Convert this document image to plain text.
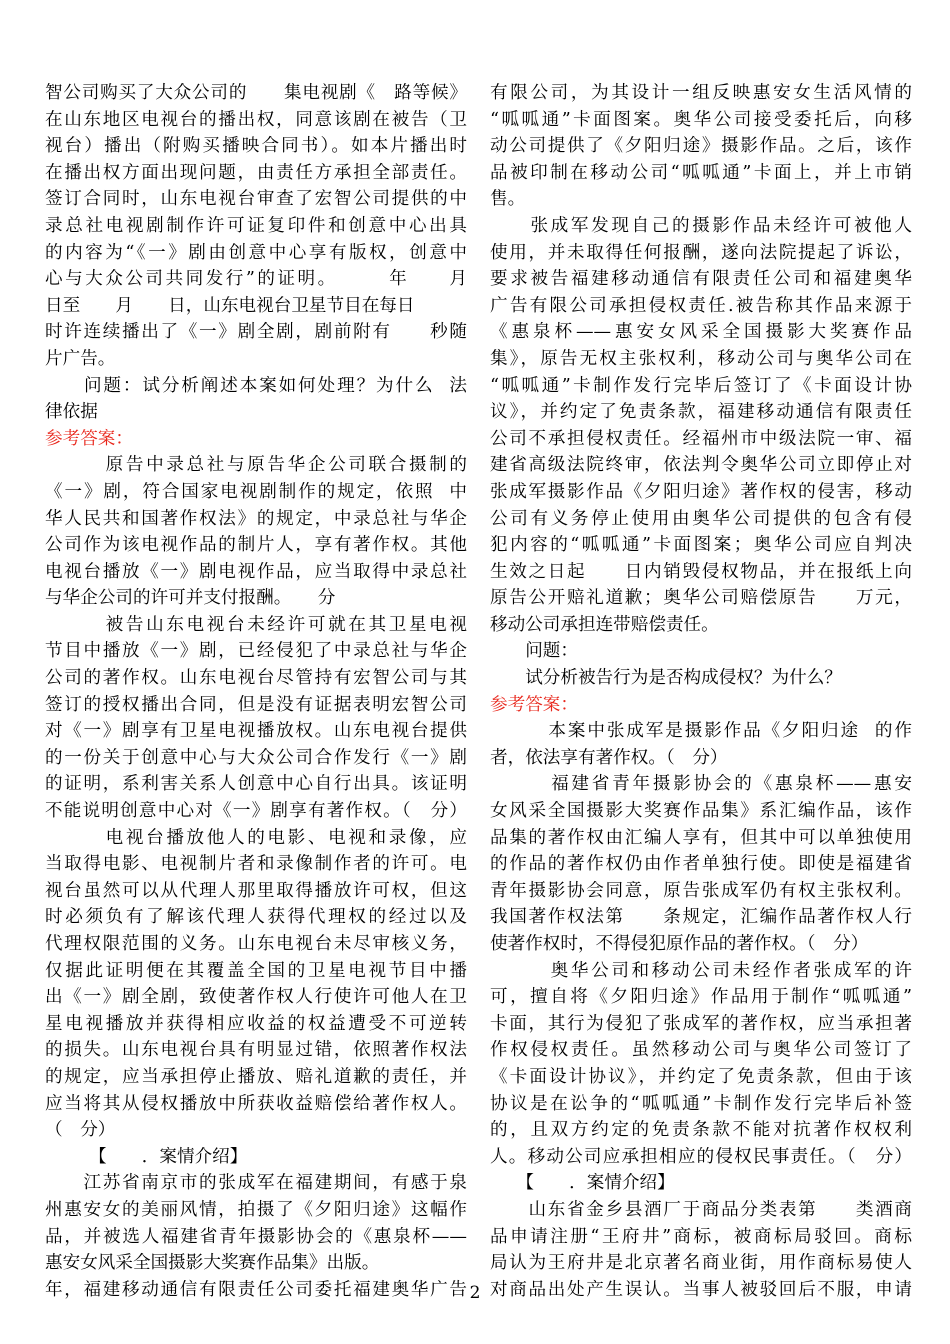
智公司购买了大众公司的　　集电视剧《　路等候》
在山东地区电视台的播出权，同意该剧在被告（卫
视台）播出（附购买播映合同书）。如本片播出时
在播出权方面出现问题，由责任方承担全部责任。
签订合同时，山东电视台审查了宏智公司提供的中
录总社电视剧制作许可证复印件和创意中心出具
的内容为“《一》剧由创意中心享有版权，创意中
心与大众公司共同发行”的证明。　　　年　　月
日至　　月　　日，山东电视台卫星节目在每日
时许连续播出了《一》剧全剧，剧前附有　　秒随
片广告。
　　问题：试分析阐述本案如何处理？为什么  法
律依据
参考答案：
　　　原告中录总社与原告华企公司联合摄制的
《一》剧，符合国家电视剧制作的规定，依照  中
华人民共和国著作权法》的规定，中录总社与华企
公司作为该电视作品的制片人，享有著作权。其他
电视台播放《一》剧电视作品，应当取得中录总社
与华企公司的许可并支付报酬。　　分
　　　被告山东电视台未经许可就在其卫星电视
节目中播放《一》剧，已经侵犯了中录总社与华企
公司的著作权。山东电视台尽管持有宏智公司与其
签订的授权播出合同，但是没有证据表明宏智公司
对《一》剧享有卫星电视播放权。山东电视台提供
的一份关于创意中心与大众公司合作发行《一》剧
的证明，系利害关系人创意中心自行出具。该证明
不能说明创意中心对《一》剧享有著作权。（　分）
　　　电视台播放他人的电影、电视和录像，应
当取得电影、电视制片者和录像制作者的许可。电
视台虽然可以从代理人那里取得播放许可权，但这
时必须负有了解该代理人获得代理权的经过以及
代理权限范围的义务。山东电视台未尽审核义务，
仅据此证明便在其覆盖全国的卫星电视节目中播
出《一》剧全剧，致使著作权人行使许可他人在卫
星电视播放并获得相应收益的权益遭受不可逆转
的损失。山东电视台具有明显过错，依照著作权法
的规定，应当承担停止播放、赔礼道歉的责任，并
应当将其从侵权播放中所获收益赔偿给著作权人。
（　分）
　　　【　　．案情介绍】
　　江苏省南京市的张成军在福建期间，有感于泉
州惠安女的美丽风情，拍摄了《夕阳归途》这幅作
品，并被选人福建省青年摄影协会的《惠泉杯——
惠安女风采全国摄影大奖赛作品集》出版。
年，福建移动通信有限责任公司委托福建奥华广告
有限公司，为其设计一组反映惠安女生活风情的
“呱呱通”卡面图案。奥华公司接受委托后，向移
动公司提供了《夕阳归途》摄影作品。之后，该作
品被印制在移动公司“呱呱通”卡面上，并上市销
售。
　　张成军发现自己的摄影作品未经许可被他人
使用，并未取得任何报酬，遂向法院提起了诉讼，
要求被告福建移动通信有限责任公司和福建奥华
广告有限公司承担侵权责任.被告称其作品来源于
《惠泉杯——惠安女风采全国摄影大奖赛作品
集》，原告无权主张权利，移动公司与奥华公司在
“呱呱通”卡制作发行完毕后签订了《卡面设计协
议》，并约定了免责条款，福建移动通信有限责任
公司不承担侵权责任。经福州市中级法院一审、福
建省高级法院终审，依法判令奥华公司立即停止对
张成军摄影作品《夕阳归途》著作权的侵害，移动
公司有义务停止使用由奥华公司提供的包含有侵
犯内容的“呱呱通”卡面图案；奥华公司应自判决
生效之日起　　日内销毁侵权物品，并在报纸上向
原告公开赔礼道歉；奥华公司赔偿原告　　万元，
移动公司承担连带赔偿责任。
　　问题：
　　试分析被告行为是否构成侵权？为什么？
参考答案：
　　　本案中张成军是摄影作品《夕阳归途  的作
者，依法享有著作权。（　分）
　　　福建省青年摄影协会的《惠泉杯——惠安
女风采全国摄影大奖赛作品集》系汇编作品，该作
品集的著作权由汇编人享有，但其中可以单独使用
的作品的著作权仍由作者单独行使。即使是福建省
青年摄影协会同意，原告张成军仍有权主张权利。
我国著作权法第　　条规定，汇编作品著作权人行
使著作权时，不得侵犯原作品的著作权。（　分）
　　　奥华公司和移动公司未经作者张成军的许
可，擅自将《夕阳归途》作品用于制作“呱呱通”
卡面，其行为侵犯了张成军的著作权，应当承担著
作权侵权责任。虽然移动公司与奥华公司签订了
《卡面设计协议》，并约定了免责条款，但由于该
协议是在讼争的“呱呱通”卡制作发行完毕后补签
的，且双方约定的免责条款不能对抗著作权权利
人。移动公司应承担相应的侵权民事责任。（　分）
　　【　　．案情介绍】
　　山东省金乡县酒厂于商品分类表第　　类酒商
品申请注册“王府井”商标，被商标局驳回。商标
局认为王府井是北京著名商业街，用作商标易使人
对商品出处产生误认。当事人被驳回后不服，申请
2
